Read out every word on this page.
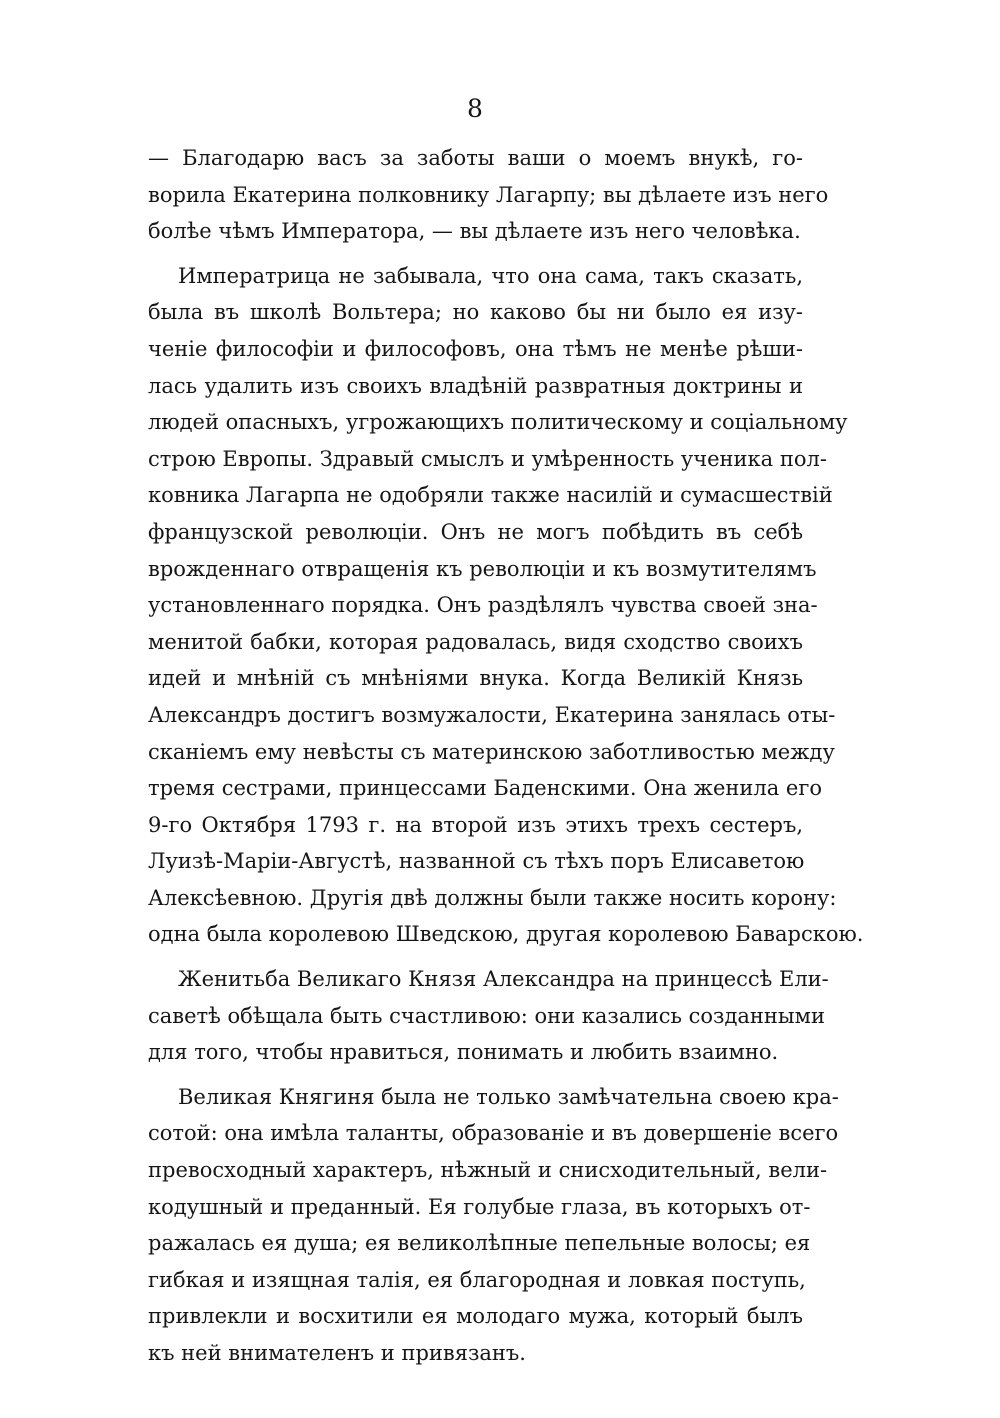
8
— Благодарю васъ за заботы ваши о моемъ внукѣ, го-
ворила Екатерина полковнику Лагарпу; вы дѣлаете изъ него
болѣе чѣмъ Императора, — вы дѣлаете изъ него человѣка.
Императрица не забывала, что она сама, такъ сказать,
была въ школѣ Вольтера; но каково бы ни было ея изу-
ченіе философіи и философовъ, она тѣмъ не менѣе рѣши-
лась удалить изъ своихъ владѣній развратныя доктрины и
людей опасныхъ, угрожающихъ политическому и соціальному
строю Европы. Здравый смыслъ и умѣренность ученика пол-
ковника Лагарпа не одобряли также насилій и сумасшествій
французской революціи. Онъ не могъ побѣдить въ себѣ
врожденнаго отвращенія къ революціи и къ возмутителямъ
установленнаго порядка. Онъ раздѣлялъ чувства своей зна-
менитой бабки, которая радовалась, видя сходство своихъ
идей и мнѣній съ мнѣніями внука. Когда Великій Князь
Александръ достигъ возмужалости, Екатерина занялась оты-
сканіемъ ему невѣсты съ материнскою заботливостью между
тремя сестрами, принцессами Баденскими. Она женила его
9-го Октября 1793 г. на второй изъ этихъ трехъ сестеръ,
Луизѣ-Маріи-Августѣ, названной съ тѣхъ поръ Елисаветою
Алексѣевною. Другія двѣ должны были также носить корону:
одна была королевою Шведскою, другая королевою Баварскою.
Женитьба Великаго Князя Александра на принцессѣ Ели-
саветѣ обѣщала быть счастливою: они казались созданными
для того, чтобы нравиться, понимать и любить взаимно.
Великая Княгиня была не только замѣчательна своею кра-
сотой: она имѣла таланты, образованіе и въ довершеніе всего
превосходный характеръ, нѣжный и снисходительный, вели-
кодушный и преданный. Ея голубые глаза, въ которыхъ от-
ражалась ея душа; ея великолѣпные пепельные волосы; ея
гибкая и изящная талія, ея благородная и ловкая поступь,
привлекли и восхитили ея молодаго мужа, который былъ
къ ней внимателенъ и привязанъ.
